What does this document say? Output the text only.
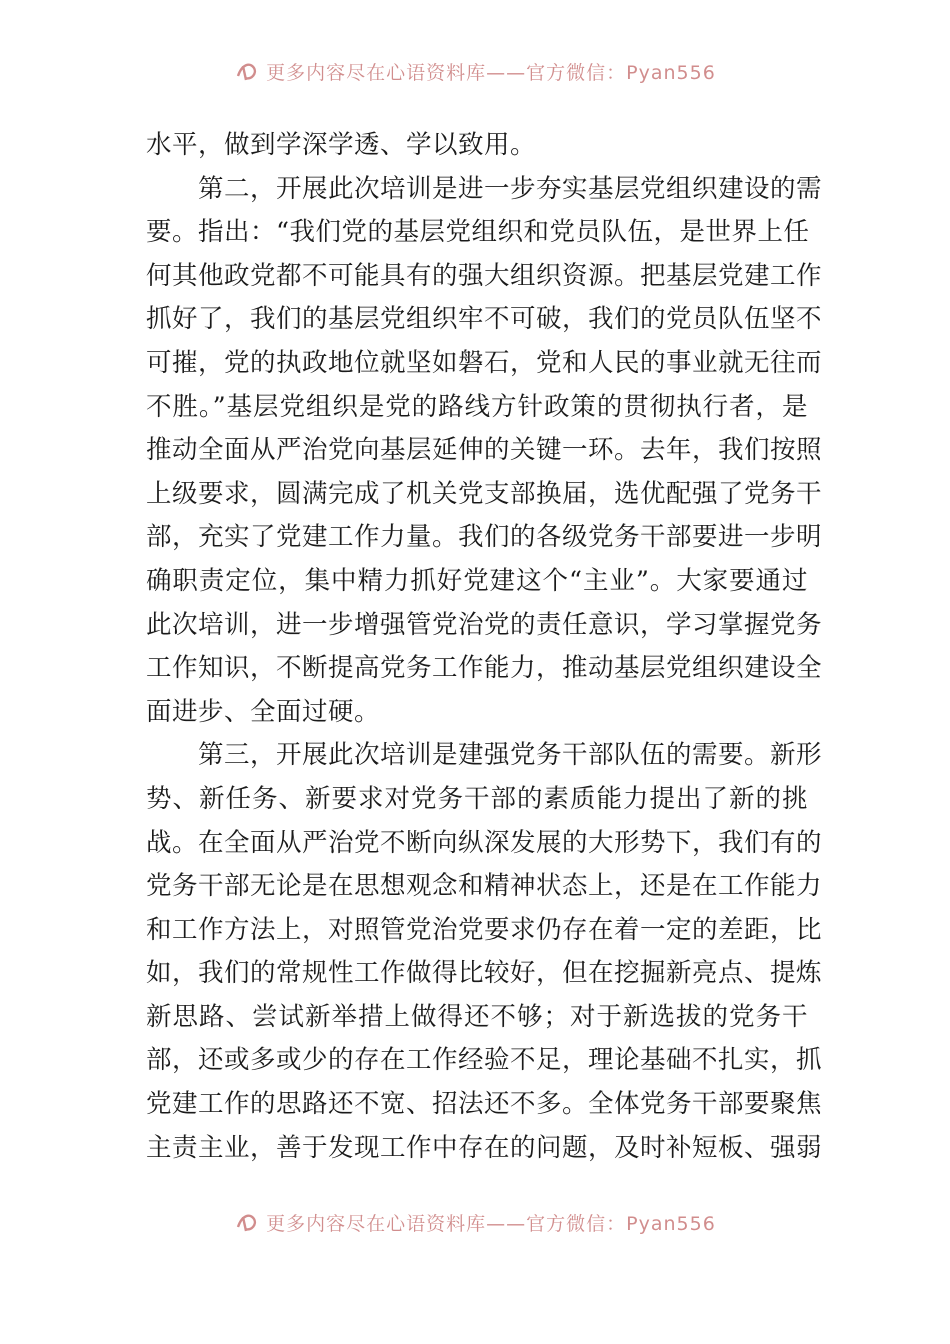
更多内容尽在心语资料库——官方微信：Pyan556
水平，做到学深学透、学以致用。
第二，开展此次培训是进一步夯实基层党组织建设的需
要。指出：“我们党的基层党组织和党员队伍，是世界上任
何其他政党都不可能具有的强大组织资源。把基层党建工作
抓好了，我们的基层党组织牢不可破，我们的党员队伍坚不
可摧，党的执政地位就坚如磐石，党和人民的事业就无往而
不胜。”基层党组织是党的路线方针政策的贯彻执行者，是
推动全面从严治党向基层延伸的关键一环。去年，我们按照
上级要求，圆满完成了机关党支部换届，选优配强了党务干
部，充实了党建工作力量。我们的各级党务干部要进一步明
确职责定位，集中精力抓好党建这个“主业”。大家要通过
此次培训，进一步增强管党治党的责任意识，学习掌握党务
工作知识，不断提高党务工作能力，推动基层党组织建设全
面进步、全面过硬。
第三，开展此次培训是建强党务干部队伍的需要。新形
势、新任务、新要求对党务干部的素质能力提出了新的挑
战。在全面从严治党不断向纵深发展的大形势下，我们有的
党务干部无论是在思想观念和精神状态上，还是在工作能力
和工作方法上，对照管党治党要求仍存在着一定的差距，比
如，我们的常规性工作做得比较好，但在挖掘新亮点、提炼
新思路、尝试新举措上做得还不够；对于新选拔的党务干
部，还或多或少的存在工作经验不足，理论基础不扎实，抓
党建工作的思路还不宽、招法还不多。全体党务干部要聚焦
主责主业，善于发现工作中存在的问题，及时补短板、强弱
更多内容尽在心语资料库——官方微信：Pyan556
